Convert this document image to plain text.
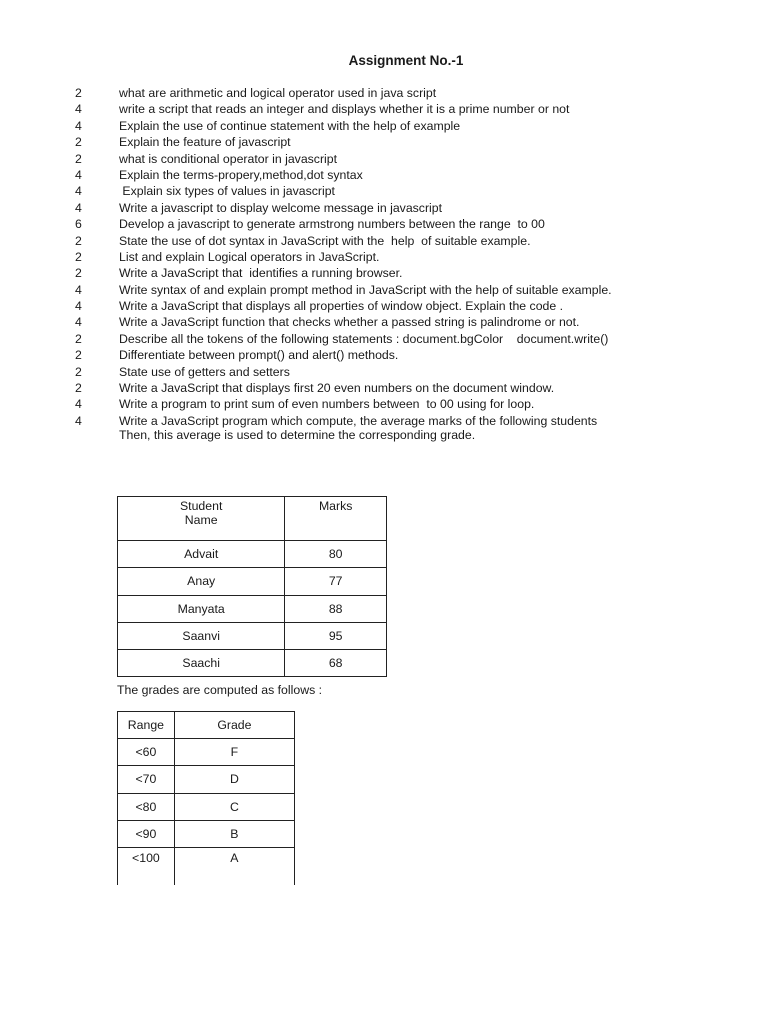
Assignment No.-1
2	what are arithmetic and logical operator used in java script
4	write a script that reads an integer and displays whether it is a prime number or not
4	Explain the use of continue statement with the help of example
2	Explain the feature of javascript
2	what is conditional operator in javascript
4	Explain the terms-propery,method,dot syntax
4	Explain six types of values in javascript
4	Write a javascript to display welcome message in javascript
6	Develop a javascript to generate armstrong numbers between the range  to 00
2	State the use of dot syntax in JavaScript with the  help  of suitable example.
2	List and explain Logical operators in JavaScript.
2	Write a JavaScript that  identifies a running browser.
4	Write syntax of and explain prompt method in JavaScript with the help of suitable example.
4	Write a JavaScript that displays all properties of window object. Explain the code .
4	Write a JavaScript function that checks whether a passed string is palindrome or not.
2	Describe all the tokens of the following statements : document.bgColor    document.write()
2	Differentiate between prompt() and alert() methods.
2	State use of getters and setters
2	Write a JavaScript that displays first 20 even numbers on the document window.
4	Write a program to print sum of even numbers between  to 00 using for loop.
4	Write a JavaScript program which compute, the average marks of the following students
Then, this average is used to determine the corresponding grade.
Student
Name	Marks
Advait	80
Anay	77
Manyata	88
Saanvi	95
Saachi	68
The grades are computed as follows :
Range	Grade
<60	F
<70	D
<80	C
<90	B
<100	A
